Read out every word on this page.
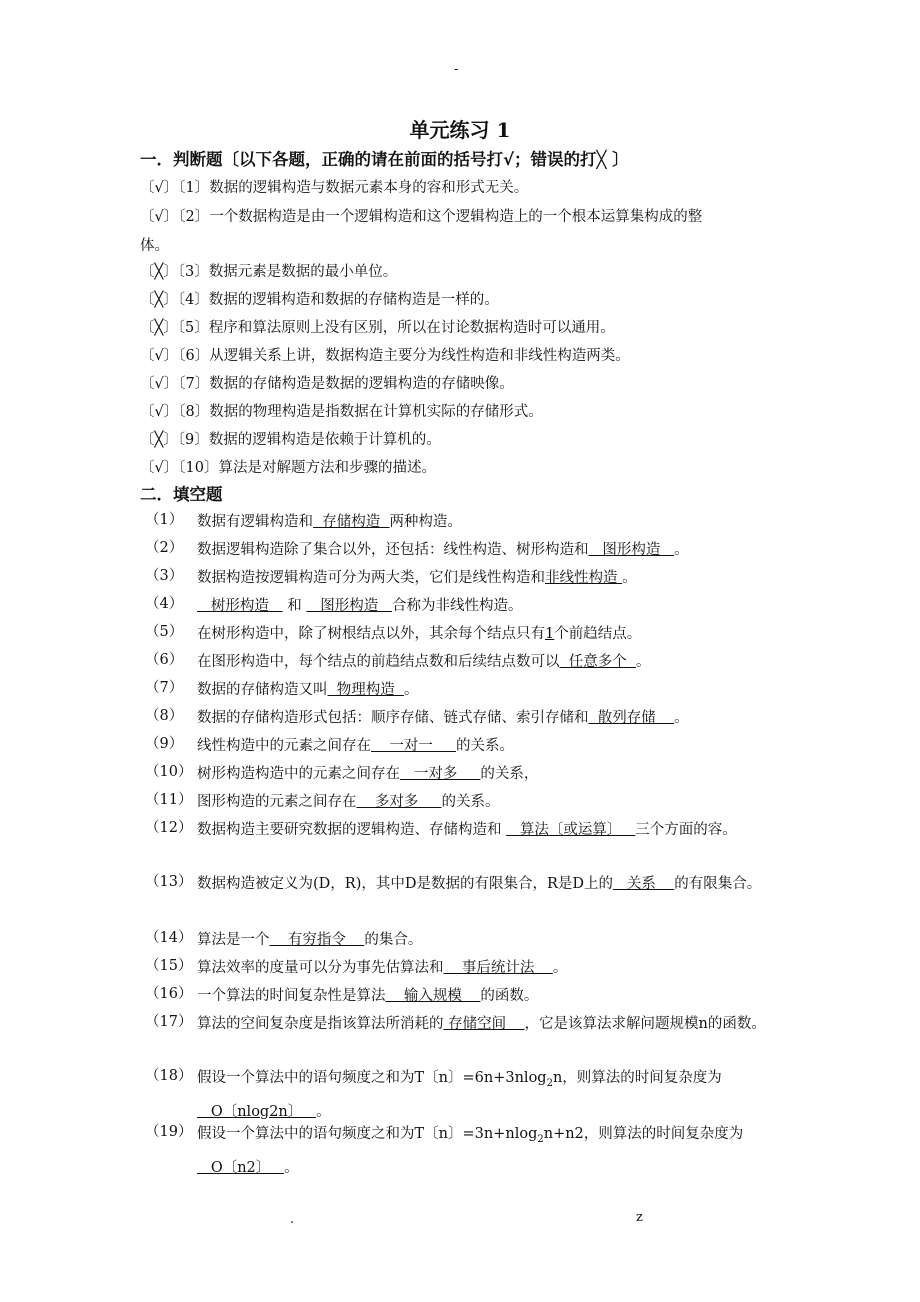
-
单元练习 1
一．判断题〔以下各题，正确的请在前面的括号打√；错误的打╳ 〕
〔√〕〔1〕数据的逻辑构造与数据元素本身的容和形式无关。
〔√〕〔2〕一个数据构造是由一个逻辑构造和这个逻辑构造上的一个根本运算集构成的整
体。
〔╳〕〔3〕数据元素是数据的最小单位。
〔╳〕〔4〕数据的逻辑构造和数据的存储构造是一样的。
〔╳〕〔5〕程序和算法原则上没有区别，所以在讨论数据构造时可以通用。
〔√〕〔6〕从逻辑关系上讲，数据构造主要分为线性构造和非线性构造两类。
〔√〕〔7〕数据的存储构造是数据的逻辑构造的存储映像。
〔√〕〔8〕数据的物理构造是指数据在计算机实际的存储形式。
〔╳〕〔9〕数据的逻辑构造是依赖于计算机的。
〔√〕〔10〕算法是对解题方法和步骤的描述。
二．填空题
（1） 数据有逻辑构造和  存储构造  两种构造。
（2） 数据逻辑构造除了集合以外，还包括：线性构造、树形构造和   图形构造   。
（3） 数据构造按逻辑构造可分为两大类，它们是线性构造和非线性构造 。
（4） 树形构造    和    图形构造   合称为非线性构造。
（5） 在树形构造中，除了树根结点以外，其余每个结点只有1个前趋结点。
（6） 在图形构造中，每个结点的前趋结点数和后续结点数可以  任意多个  。
（7） 数据的存储构造又叫  物理构造  。
（8） 数据的存储构造形式包括：顺序存储、链式存储、索引存储和  散列存储    。
（9） 线性构造中的元素之间存在    一对一     的关系。
（10） 树形构造构造中的元素之间存在   一对多     的关系，
（11） 图形构造的元素之间存在    多对多     的关系。
（12） 数据构造主要研究数据的逻辑构造、存储构造和    算法〔或运算〕   三个方面的容。
（13） 数据构造被定义为(D，R)，其中D是数据的有限集合，R是D上的   关系    的有限集合。
（14） 算法是一个    有穷指令    的集合。
（15） 算法效率的度量可以分为事先估算法和    事后统计法    。
（16） 一个算法的时间复杂性是算法    输入规模    的函数。
（17） 算法的空间复杂度是指该算法所消耗的 存储空间    ，它是该算法求解问题规模n的函数。
（18） 假设一个算法中的语句频度之和为T〔n〕=6n+3nlog$_2$n，则算法的时间复杂度为   O〔nlog2n〕   。
（19） 假设一个算法中的语句频度之和为T〔n〕=3n+nlog$_2$n+n2，则算法的时间复杂度为   O〔n2〕   。
.	z
